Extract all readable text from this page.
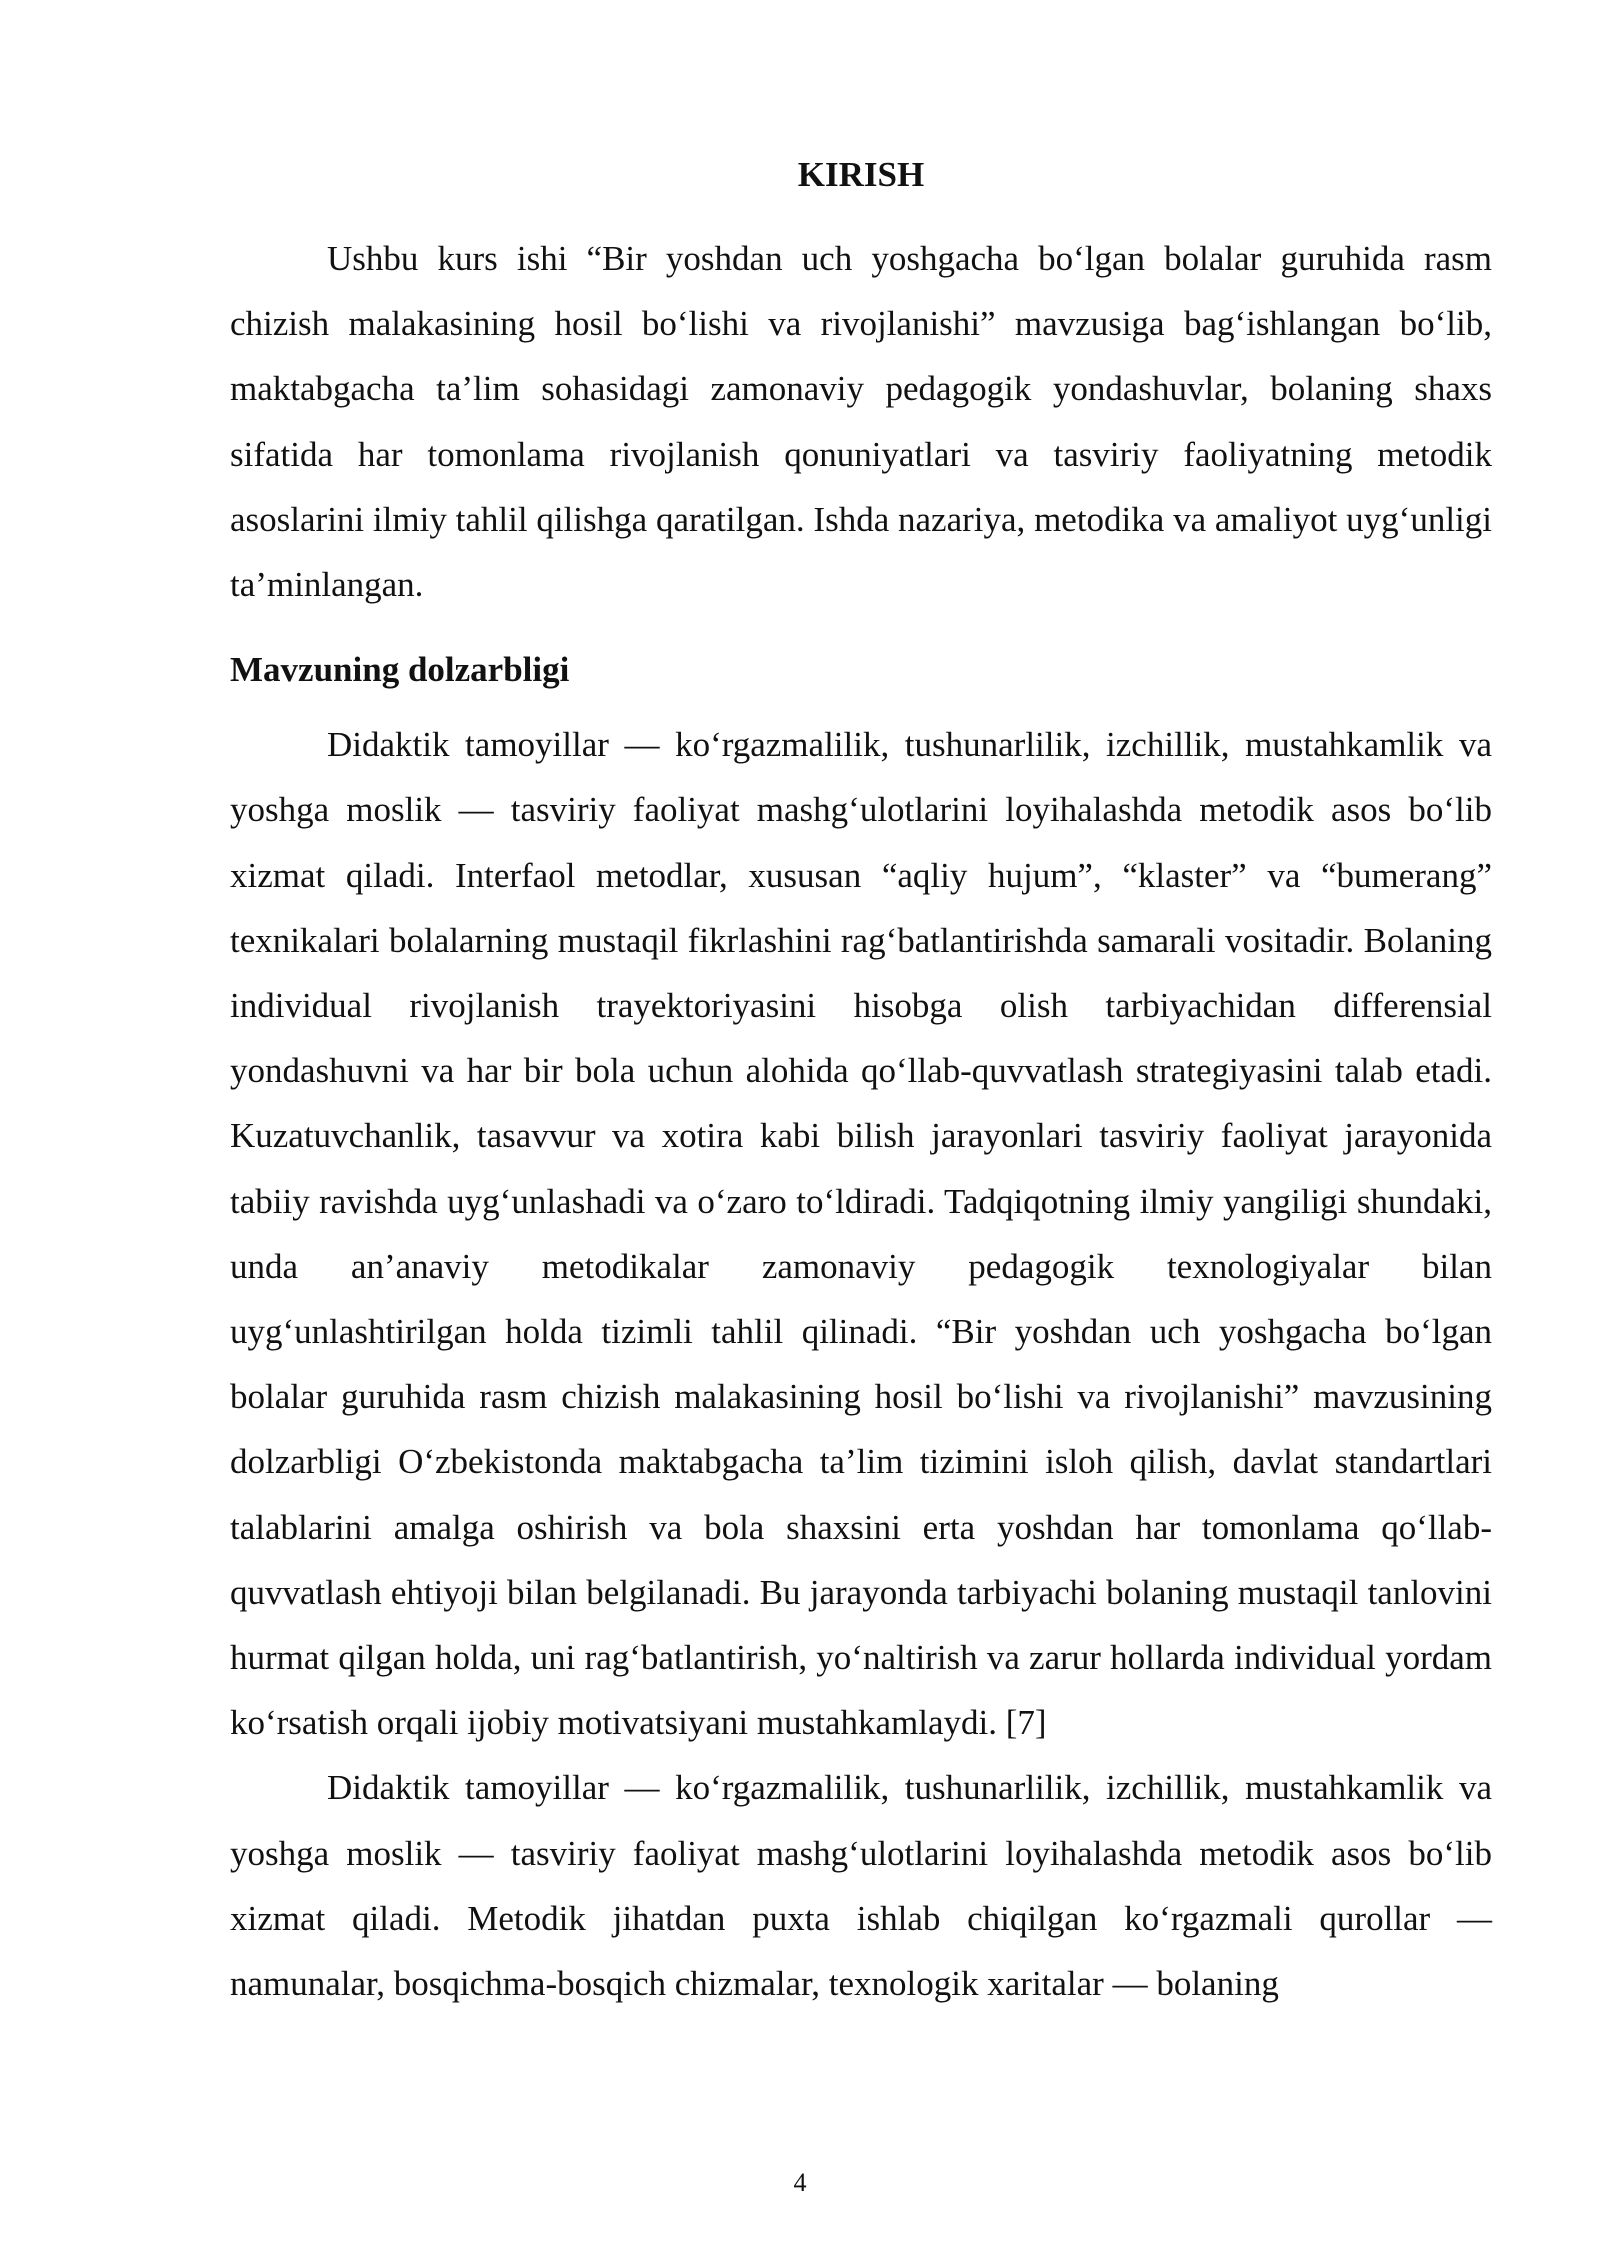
KIRISH

Ushbu kurs ishi “Bir yoshdan uch yoshgacha bo‘lgan bolalar guruhida rasm chizish malakasining hosil bo‘lishi va rivojlanishi” mavzusiga bag‘ishlangan bo‘lib, maktabgacha ta’lim sohasidagi zamonaviy pedagogik yondashuvlar, bolaning shaxs sifatida har tomonlama rivojlanish qonuniyatlari va tasviriy faoliyatning metodik asoslarini ilmiy tahlil qilishga qaratilgan. Ishda nazariya, metodika va amaliyot uyg‘unligi ta’minlangan.

Mavzuning dolzarbligi

Didaktik tamoyillar — ko‘rgazmalilik, tushunarlilik, izchillik, mustahkamlik va yoshga moslik — tasviriy faoliyat mashg‘ulotlarini loyihalashda metodik asos bo‘lib xizmat qiladi. Interfaol metodlar, xususan “aqliy hujum”, “klaster” va “bumerang” texnikalari bolalarning mustaqil fikrlashini rag‘batlantirishda samarali vositadir. Bolaning individual rivojlanish trayektoriyasini hisobga olish tarbiyachidan differensial yondashuvni va har bir bola uchun alohida qo‘llab-quvvatlash strategiyasini talab etadi. Kuzatuvchanlik, tasavvur va xotira kabi bilish jarayonlari tasviriy faoliyat jarayonida tabiiy ravishda uyg‘unlashadi va o‘zaro to‘ldiradi. Tadqiqotning ilmiy yangiligi shundaki, unda an’anaviy metodikalar zamonaviy pedagogik texnologiyalar bilan uyg‘unlashtirilgan holda tizimli tahlil qilinadi. “Bir yoshdan uch yoshgacha bo‘lgan bolalar guruhida rasm chizish malakasining hosil bo‘lishi va rivojlanishi” mavzusining dolzarbligi O‘zbekistonda maktabgacha ta’lim tizimini isloh qilish, davlat standartlari talablarini amalga oshirish va bola shaxsini erta yoshdan har tomonlama qo‘llab-quvvatlash ehtiyoji bilan belgilanadi. Bu jarayonda tarbiyachi bolaning mustaqil tanlovini hurmat qilgan holda, uni rag‘batlantirish, yo‘naltirish va zarur hollarda individual yordam ko‘rsatish orqali ijobiy motivatsiyani mustahkamlaydi. [7]

Didaktik tamoyillar — ko‘rgazmalilik, tushunarlilik, izchillik, mustahkamlik va yoshga moslik — tasviriy faoliyat mashg‘ulotlarini loyihalashda metodik asos bo‘lib xizmat qiladi. Metodik jihatdan puxta ishlab chiqilgan ko‘rgazmali qurollar — namunalar, bosqichma-bosqich chizmalar, texnologik xaritalar — bolaning

4
